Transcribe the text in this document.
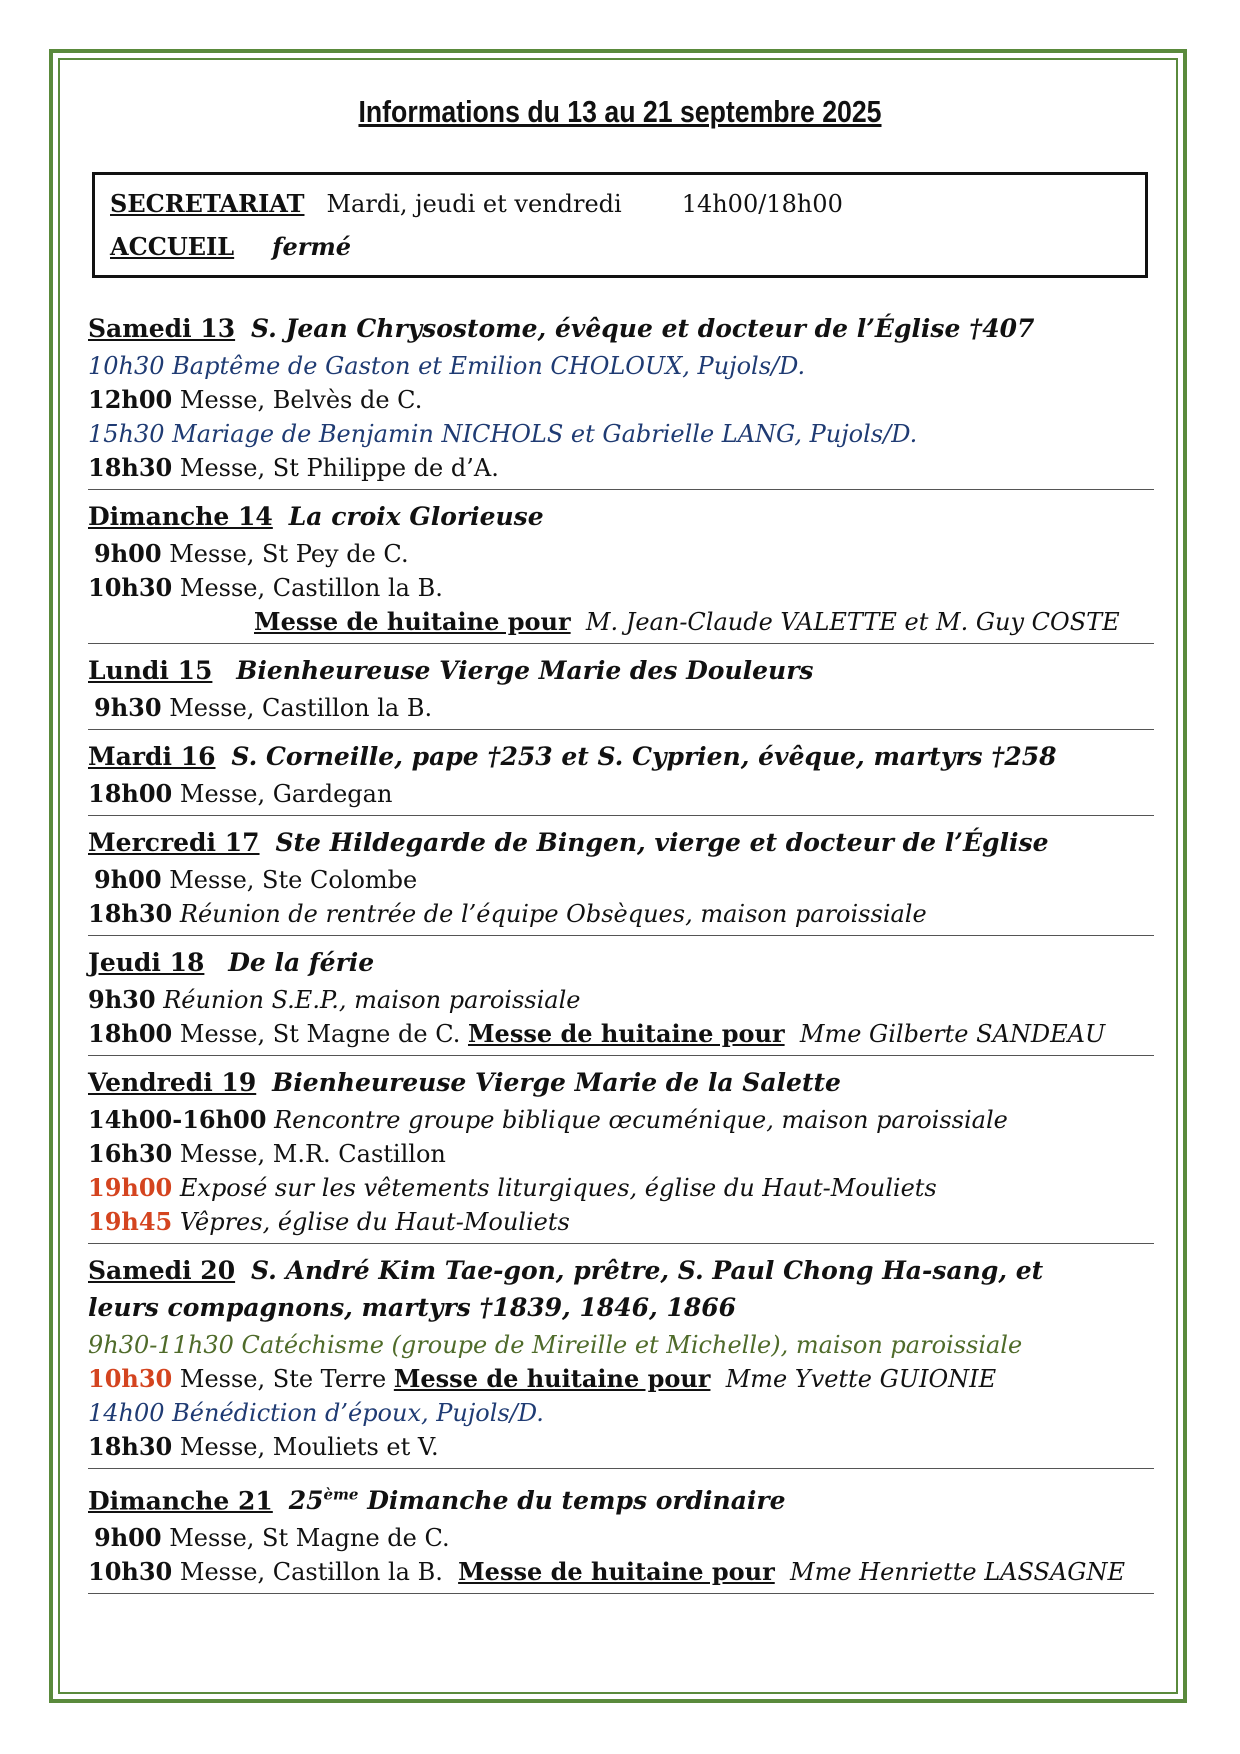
Informations du 13 au 21 septembre 2025
SECRETARIAT Mardi, jeudi et vendredi	14h00/18h00
ACCUEIL fermé
Samedi 13 S. Jean Chrysostome, évêque et docteur de l’Église †407
10h30 Baptême de Gaston et Emilion CHOLOUX, Pujols/D.
12h00 Messe, Belvès de C.
15h30 Mariage de Benjamin NICHOLS et Gabrielle LANG, Pujols/D.
18h30 Messe, St Philippe de d’A.
Dimanche 14 La croix Glorieuse
9h00 Messe, St Pey de C.
10h30 Messe, Castillon la B.
Messe de huitaine pour M. Jean-Claude VALETTE et M. Guy COSTE
Lundi 15 Bienheureuse Vierge Marie des Douleurs
9h30 Messe, Castillon la B.
Mardi 16 S. Corneille, pape †253 et S. Cyprien, évêque, martyrs †258
18h00 Messe, Gardegan
Mercredi 17 Ste Hildegarde de Bingen, vierge et docteur de l’Église
9h00 Messe, Ste Colombe
18h30 Réunion de rentrée de l’équipe Obsèques, maison paroissiale
Jeudi 18 De la férie
9h30 Réunion S.E.P., maison paroissiale
18h00 Messe, St Magne de C. Messe de huitaine pour Mme Gilberte SANDEAU
Vendredi 19 Bienheureuse Vierge Marie de la Salette
14h00-16h00 Rencontre groupe biblique œcuménique, maison paroissiale
16h30 Messe, M.R. Castillon
19h00 Exposé sur les vêtements liturgiques, église du Haut-Mouliets
19h45 Vêpres, église du Haut-Mouliets
Samedi 20 S. André Kim Tae-gon, prêtre, S. Paul Chong Ha-sang, et leurs compagnons, martyrs †1839, 1846, 1866
9h30-11h30 Catéchisme (groupe de Mireille et Michelle), maison paroissiale
10h30 Messe, Ste Terre Messe de huitaine pour Mme Yvette GUIONIE
14h00 Bénédiction d’époux, Pujols/D.
18h30 Messe, Mouliets et V.
Dimanche 21 25ème Dimanche du temps ordinaire
9h00 Messe, St Magne de C.
10h30 Messe, Castillon la B. Messe de huitaine pour Mme Henriette LASSAGNE
